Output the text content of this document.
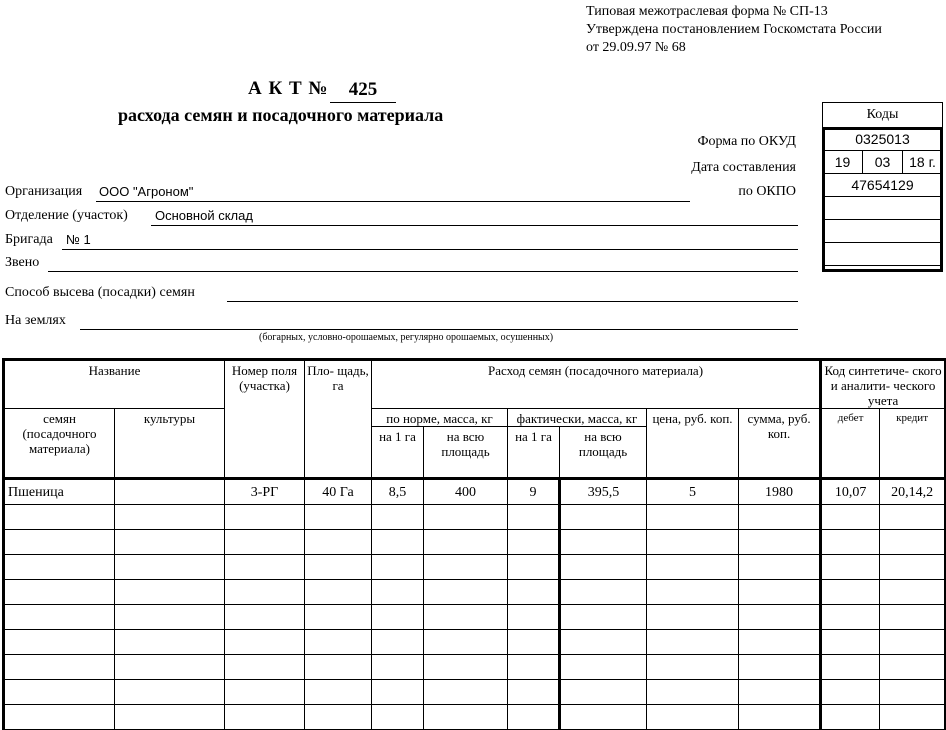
Типовая межотраслевая форма № СП-13
Утверждена постановлением Госкомстата России
от 29.09.97 № 68
А К Т №	425
расхода семян и посадочного материала
Форма по ОКУД
Дата составления
по ОКПО
Коды
0325013

19	03	18 г.

47654129

Организация ООО "Агроном"
Отделение (участок) Основной склад
Бригада № 1
Звено
Способ высева (посадки) семян
На землях
(богарных, условно-орошаемых, регулярно орошаемых, осушенных)
Название		Номер поля (участка)	Пло- щадь, га	Расход семян (посадочного материала)						Код синтетиче- ского и аналити- ческого учета	
семян (посадочного материала)	культуры			по норме, масса, кг		фактически, масса, кг		цена, руб. коп.	сумма, руб. коп.	дебет	кредит
				на 1 га	на всю площадь	на 1 га	на всю площадь				
Пшеница		3-РГ	40 Га	8,5	400	9	395,5	5	1980	10,07	20,14,2
